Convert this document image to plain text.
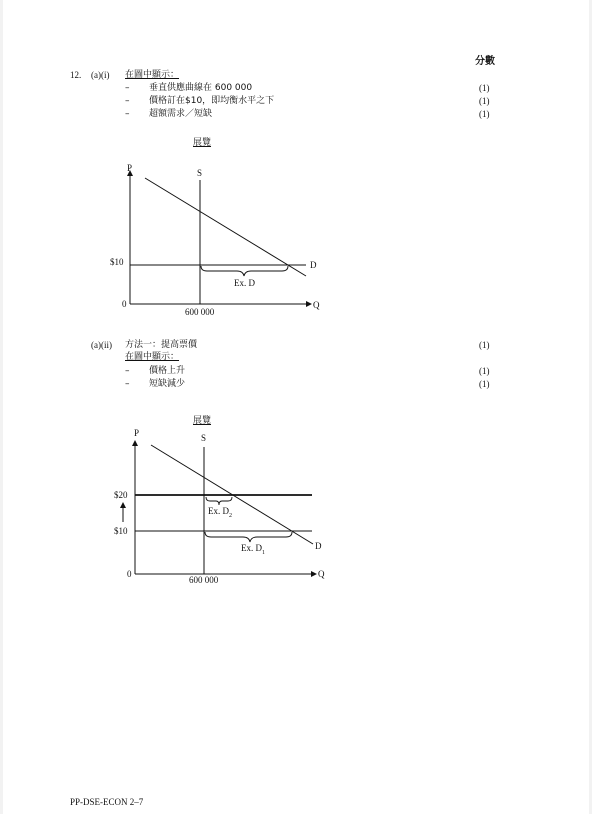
分數
12. (a)(i) 在圖中顯示：
– 垂直供應曲線在 600 000	(1)
– 價格訂在$10，即均衡水平之下	(1)
– 超額需求／短缺	(1)
展覽
P	S
D
Q
0
$10
600 000
Ex. D
(a)(ii) 方法一：提高票價	(1)
在圖中顯示：
– 價格上升	(1)
– 短缺減少	(1)
展覽
P	S
D
Q
0
$20
$10
600 000
Ex. $D_2$
Ex. $D_1$
PP-DSE-ECON 2–7
